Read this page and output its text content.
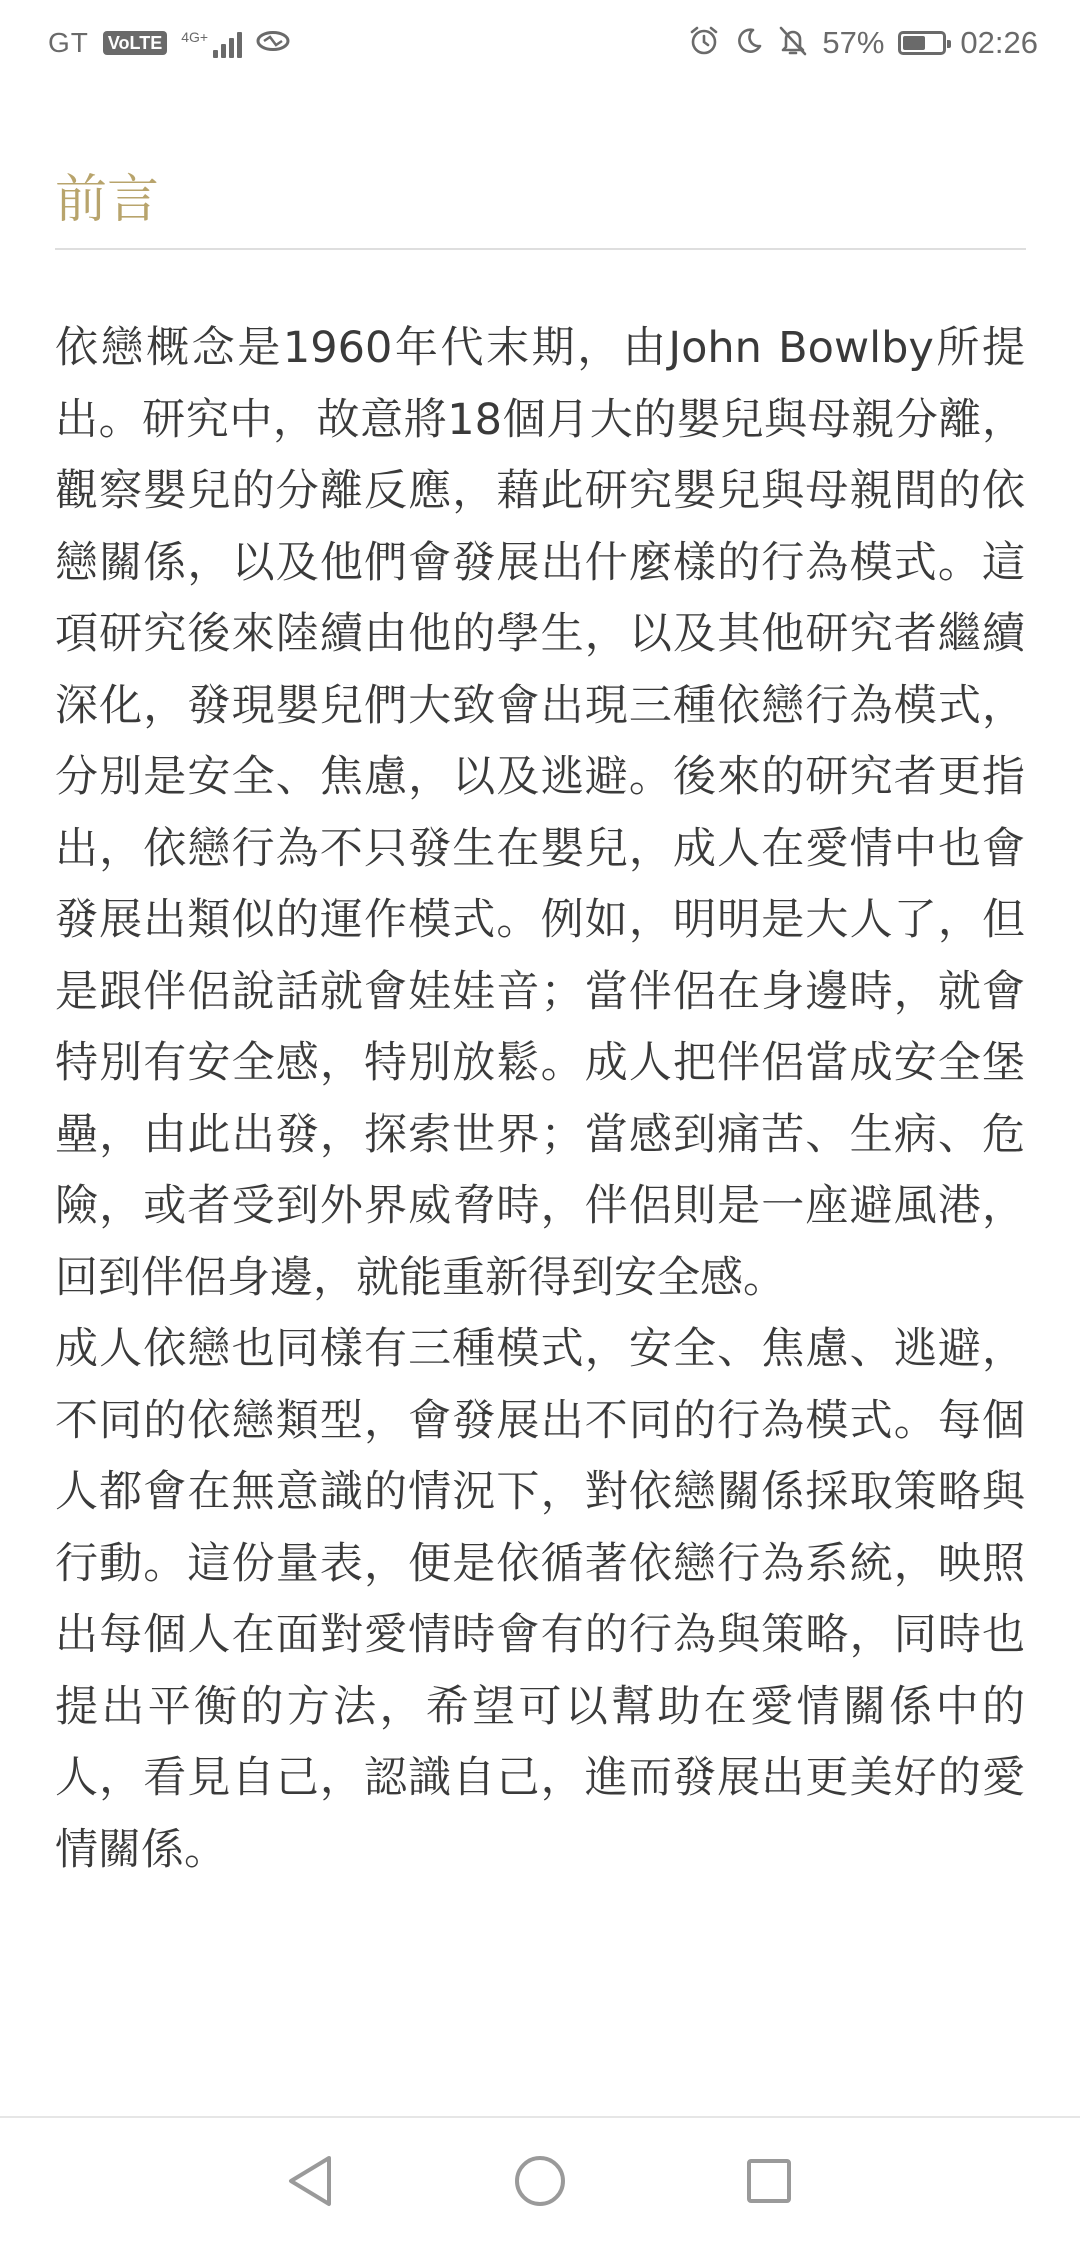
GT VoLTE	4G+	57% 02:26
前言

依戀概念是1960年代末期，由John Bowlby所提出。研究中，故意將18個月大的嬰兒與母親分離，觀察嬰兒的分離反應，藉此研究嬰兒與母親間的依戀關係，以及他們會發展出什麼樣的行為模式。這項研究後來陸續由他的學生，以及其他研究者繼續深化，發現嬰兒們大致會出現三種依戀行為模式，分別是安全、焦慮，以及逃避。後來的研究者更指出，依戀行為不只發生在嬰兒，成人在愛情中也會發展出類似的運作模式。例如，明明是大人了，但是跟伴侶說話就會娃娃音；當伴侶在身邊時，就會特別有安全感，特別放鬆。成人把伴侶當成安全堡壘，由此出發，探索世界；當感到痛苦、生病、危險，或者受到外界威脅時，伴侶則是一座避風港，回到伴侶身邊，就能重新得到安全感。

成人依戀也同樣有三種模式，安全、焦慮、逃避，不同的依戀類型，會發展出不同的行為模式。每個人都會在無意識的情況下，對依戀關係採取策略與行動。這份量表，便是依循著依戀行為系統，映照出每個人在面對愛情時會有的行為與策略，同時也提出平衡的方法，希望可以幫助在愛情關係中的人，看見自己，認識自己，進而發展出更美好的愛情關係。
